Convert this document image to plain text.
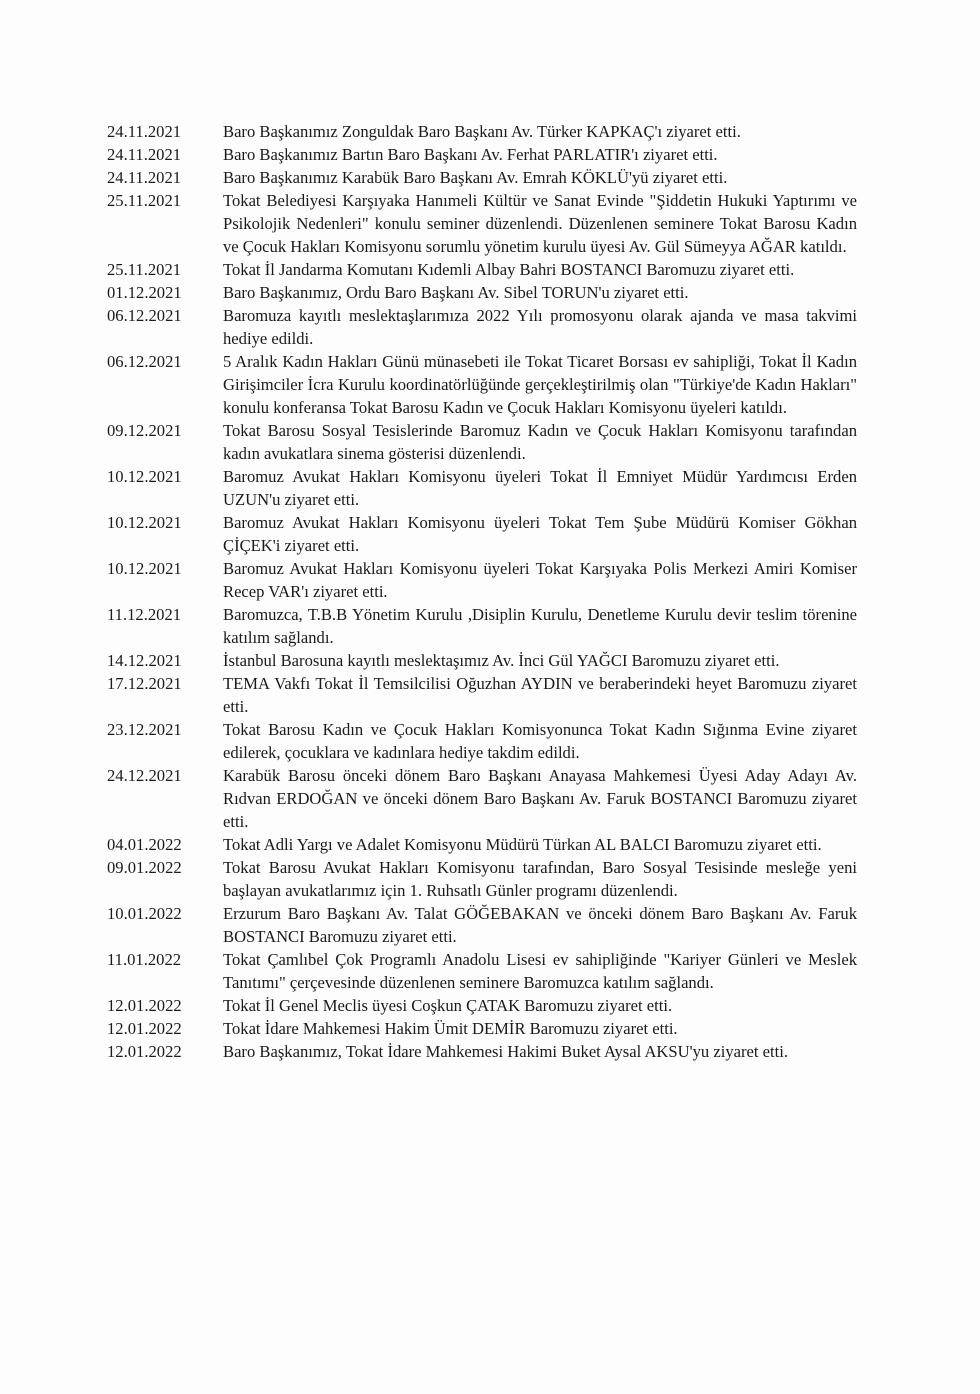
24.11.2021	Baro Başkanımız Zonguldak Baro Başkanı Av. Türker KAPKAÇ'ı ziyaret etti.
24.11.2021	Baro Başkanımız Bartın Baro Başkanı Av. Ferhat PARLATIR'ı ziyaret etti.
24.11.2021	Baro Başkanımız Karabük Baro Başkanı Av. Emrah KÖKLÜ'yü ziyaret etti.
25.11.2021	Tokat Belediyesi Karşıyaka Hanımeli Kültür ve Sanat Evinde "Şiddetin Hukuki Yaptırımı ve Psikolojik Nedenleri" konulu seminer düzenlendi. Düzenlenen seminere Tokat Barosu Kadın ve Çocuk Hakları Komisyonu sorumlu yönetim kurulu üyesi Av. Gül Sümeyya AĞAR katıldı.
25.11.2021	Tokat İl Jandarma Komutanı Kıdemli Albay Bahri BOSTANCI Baromuzu ziyaret etti.
01.12.2021	Baro Başkanımız, Ordu Baro Başkanı Av. Sibel TORUN'u ziyaret etti.
06.12.2021	Baromuza kayıtlı meslektaşlarımıza 2022 Yılı promosyonu olarak ajanda ve masa takvimi hediye edildi.
06.12.2021	5 Aralık Kadın Hakları Günü münasebeti ile Tokat Ticaret Borsası ev sahipliği, Tokat İl Kadın Girişimciler İcra Kurulu koordinatörlüğünde gerçekleştirilmiş olan "Türkiye'de Kadın Hakları" konulu konferansa Tokat Barosu Kadın ve Çocuk Hakları Komisyonu üyeleri katıldı.
09.12.2021	Tokat Barosu Sosyal Tesislerinde Baromuz Kadın ve Çocuk Hakları Komisyonu tarafından kadın avukatlara sinema gösterisi düzenlendi.
10.12.2021	Baromuz Avukat Hakları Komisyonu üyeleri Tokat İl Emniyet Müdür Yardımcısı Erden UZUN'u ziyaret etti.
10.12.2021	Baromuz Avukat Hakları Komisyonu üyeleri Tokat Tem Şube Müdürü Komiser Gökhan ÇİÇEK'i ziyaret etti.
10.12.2021	Baromuz Avukat Hakları Komisyonu üyeleri Tokat Karşıyaka Polis Merkezi Amiri Komiser Recep VAR'ı ziyaret etti.
11.12.2021	Baromuzca, T.B.B Yönetim Kurulu ,Disiplin Kurulu, Denetleme Kurulu devir teslim törenine katılım sağlandı.
14.12.2021	İstanbul Barosuna kayıtlı meslektaşımız Av. İnci Gül YAĞCI Baromuzu ziyaret etti.
17.12.2021	TEMA Vakfı Tokat İl Temsilcilisi Oğuzhan AYDIN ve beraberindeki heyet Baromuzu ziyaret etti.
23.12.2021	Tokat Barosu Kadın ve Çocuk Hakları Komisyonunca Tokat Kadın Sığınma Evine ziyaret edilerek, çocuklara ve kadınlara hediye takdim edildi.
24.12.2021	Karabük Barosu önceki dönem Baro Başkanı Anayasa Mahkemesi Üyesi Aday Adayı Av. Rıdvan ERDOĞAN ve önceki dönem Baro Başkanı Av. Faruk BOSTANCI Baromuzu ziyaret etti.
04.01.2022	Tokat Adli Yargı ve Adalet Komisyonu Müdürü Türkan AL BALCI Baromuzu ziyaret etti.
09.01.2022	Tokat Barosu Avukat Hakları Komisyonu tarafından, Baro Sosyal Tesisinde mesleğe yeni başlayan avukatlarımız için 1. Ruhsatlı Günler programı düzenlendi.
10.01.2022	Erzurum Baro Başkanı Av. Talat GÖĞEBAKAN ve önceki dönem Baro Başkanı Av. Faruk BOSTANCI Baromuzu ziyaret etti.
11.01.2022	Tokat Çamlıbel Çok Programlı Anadolu Lisesi ev sahipliğinde "Kariyer Günleri ve Meslek Tanıtımı" çerçevesinde düzenlenen seminere Baromuzca katılım sağlandı.
12.01.2022	Tokat İl Genel Meclis üyesi Coşkun ÇATAK Baromuzu ziyaret etti.
12.01.2022	Tokat İdare Mahkemesi Hakim Ümit DEMİR Baromuzu ziyaret etti.
12.01.2022	Baro Başkanımız, Tokat İdare Mahkemesi Hakimi Buket Aysal AKSU'yu ziyaret etti.
